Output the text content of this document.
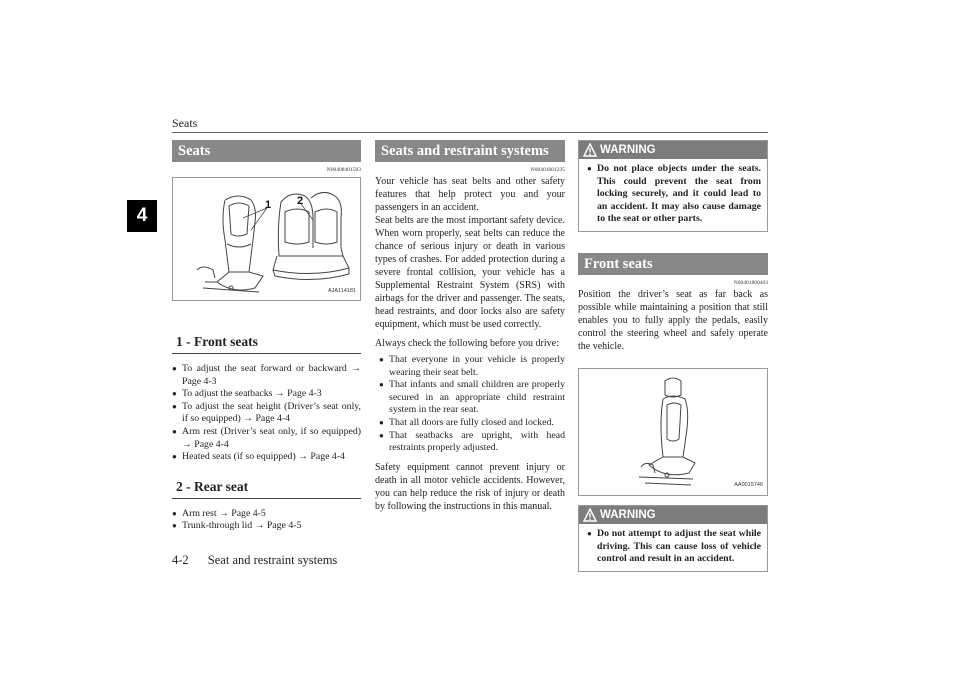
Seats
4
Seats
N00408401593
1 2
AJA114181
1 - Front seats
● To adjust the seat forward or backward → Page 4-3
● To adjust the seatbacks → Page 4-3
● To adjust the seat height (Driver’s seat only, if so equipped) → Page 4-4
● Arm rest (Driver’s seat only, if so equipped) → Page 4-4
● Heated seats (if so equipped) → Page 4-4
2 - Rear seat
● Arm rest → Page 4-5
● Trunk-through lid → Page 4-5
Seats and restraint systems
N00401601235

Your vehicle has seat belts and other safety features that help protect you and your passengers in an accident.

Seat belts are the most important safety device. When worn properly, seat belts can reduce the chance of serious injury or death in various types of crashes. For added protection during a severe frontal collision, your vehicle has a Supplemental Restraint System (SRS) with airbags for the driver and passenger. The seats, head restraints, and door locks also are safety equipment, which must be used correctly.

Always check the following before you drive:

● That everyone in your vehicle is properly wearing their seat belt.
● That infants and small children are properly secured in an appropriate child restraint system in the rear seat.
● That all doors are fully closed and locked.
● That seatbacks are upright, with head restraints properly adjusted.

Safety equipment cannot prevent injury or death in all motor vehicle accidents. However, you can help reduce the risk of injury or death by following the instructions in this manual.

WARNING
● Do not place objects under the seats. This could prevent the seat from locking securely, and it could lead to an accident. It may also cause damage to the seat or other parts.
Front seats
N00401800403

Position the driver’s seat as far back as possible while maintaining a position that still enables you to fully apply the pedals, easily control the steering wheel and safely operate the vehicle.

AA0015746
WARNING
● Do not attempt to adjust the seat while driving. This can cause loss of vehicle control and result in an accident.
4-2 Seat and restraint systems
